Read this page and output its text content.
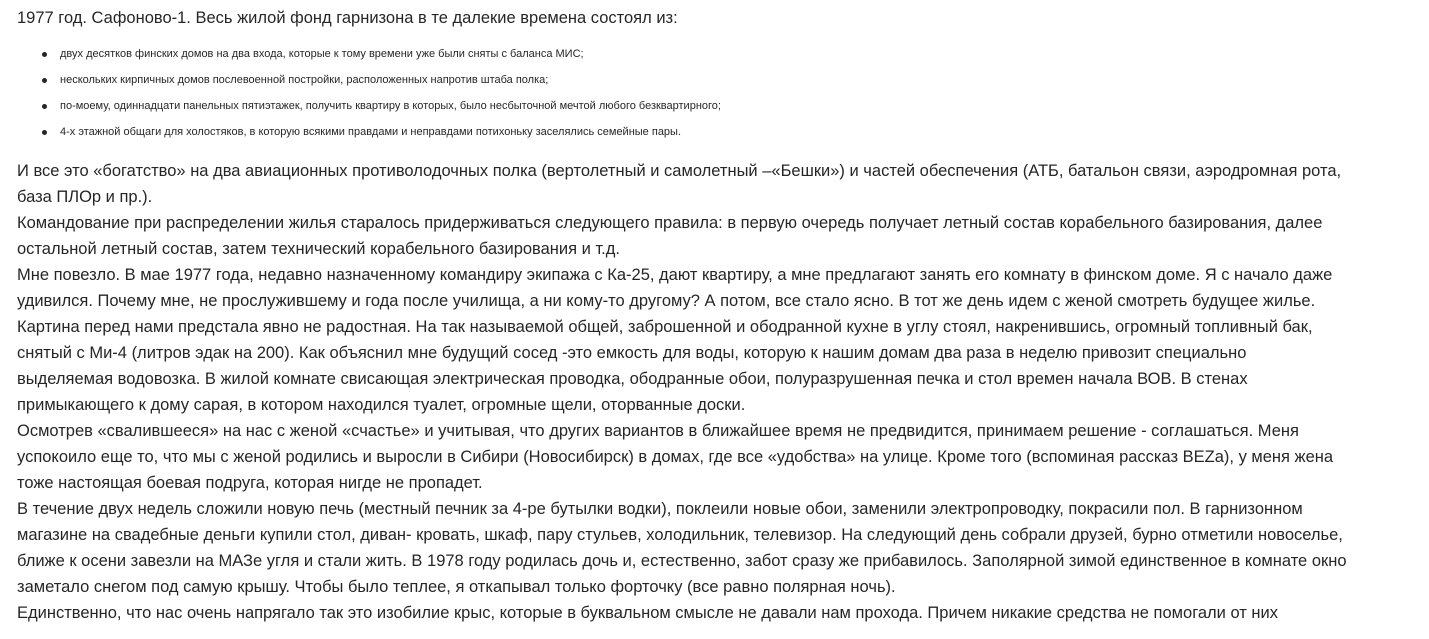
1977 год. Сафоново-1. Весь жилой фонд гарнизона в те далекие времена состоял из:

двух десятков финских домов на два входа, которые к тому времени уже были сняты с баланса МИС;
нескольких кирпичных домов послевоенной постройки, расположенных напротив штаба полка;
по-моему, одиннадцати панельных пятиэтажек, получить квартиру в которых, было несбыточной мечтой любого безквартирного;
4-х этажной общаги для холостяков, в которую всякими правдами и неправдами потихоньку заселялись семейные пары.
И все это «богатство» на два авиационных противолодочных полка (вертолетный и самолетный –«Бешки») и частей обеспечения (АТБ, батальон связи, аэродромная рота,
база ПЛОр и пр.).
Командование при распределении жилья старалось придерживаться следующего правила: в первую очередь получает летный состав корабельного базирования, далее
остальной летный состав, затем технический корабельного базирования и т.д.
Мне повезло. В мае 1977 года, недавно назначенному командиру экипажа с Ка-25, дают квартиру, а мне предлагают занять его комнату в финском доме. Я с начало даже
удивился. Почему мне, не прослужившему и года после училища, а ни кому-то другому? А потом, все стало ясно. В тот же день идем с женой смотреть будущее жилье.
Картина перед нами предстала явно не радостная. На так называемой общей, заброшенной и ободранной кухне в углу стоял, накренившись, огромный топливный бак,
снятый с Ми-4 (литров эдак на 200). Как объяснил мне будущий сосед -это емкость для воды, которую к нашим домам два раза в неделю привозит специально
выделяемая водовозка. В жилой комнате свисающая электрическая проводка, ободранные обои, полуразрушенная печка и стол времен начала ВОВ. В стенах
примыкающего к дому сарая, в котором находился туалет, огромные щели, оторванные доски.
Осмотрев «свалившееся» на нас с женой «счастье» и учитывая, что других вариантов в ближайшее время не предвидится, принимаем решение - соглашаться. Меня
успокоило еще то, что мы с женой родились и выросли в Сибири (Новосибирск) в домах, где все «удобства» на улице. Кроме того (вспоминая рассказ BEZа), у меня жена
тоже настоящая боевая подруга, которая нигде не пропадет.
В течение двух недель сложили новую печь (местный печник за 4-ре бутылки водки), поклеили новые обои, заменили электропроводку, покрасили пол. В гарнизонном
магазине на свадебные деньги купили стол, диван- кровать, шкаф, пару стульев, холодильник, телевизор. На следующий день собрали друзей, бурно отметили новоселье,
ближе к осени завезли на МАЗе угля и стали жить. В 1978 году родилась дочь и, естественно, забот сразу же прибавилось. Заполярной зимой единственное в комнате окно
заметало снегом под самую крышу. Чтобы было теплее, я откапывал только форточку (все равно полярная ночь).
Единственно, что нас очень напрягало так это изобилие крыс, которые в буквальном смысле не давали нам прохода. Причем никакие средства не помогали от них
